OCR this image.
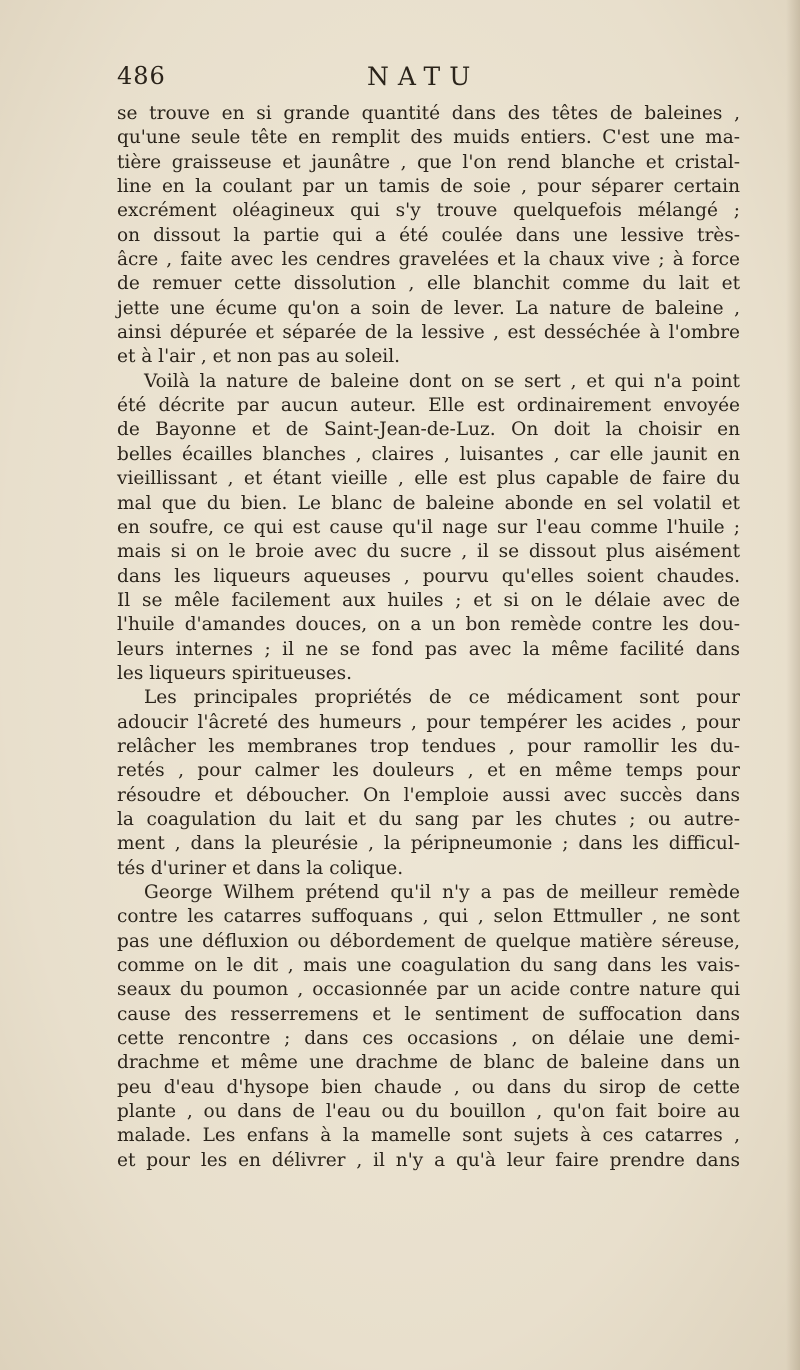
486	NATU
se trouve en si grande quantité dans des têtes de baleines ,
qu'une seule tête en remplit des muids entiers. C'est une ma-
tière graisseuse et jaunâtre , que l'on rend blanche et cristal-
line en la coulant par un tamis de soie , pour séparer certain
excrément oléagineux qui s'y trouve quelquefois mélangé ;
on dissout la partie qui a été coulée dans une lessive très-
âcre , faite avec les cendres gravelées et la chaux vive ; à force
de remuer cette dissolution , elle blanchit comme du lait et
jette une écume qu'on a soin de lever. La nature de baleine ,
ainsi dépurée et séparée de la lessive , est desséchée à l'ombre
et à l'air , et non pas au soleil.
Voilà la nature de baleine dont on se sert , et qui n'a point
été décrite par aucun auteur. Elle est ordinairement envoyée
de Bayonne et de Saint-Jean-de-Luz. On doit la choisir en
belles écailles blanches , claires , luisantes , car elle jaunit en
vieillissant , et étant vieille , elle est plus capable de faire du
mal que du bien. Le blanc de baleine abonde en sel volatil et
en soufre, ce qui est cause qu'il nage sur l'eau comme l'huile ;
mais si on le broie avec du sucre , il se dissout plus aisément
dans les liqueurs aqueuses , pourvu qu'elles soient chaudes.
Il se mêle facilement aux huiles ; et si on le délaie avec de
l'huile d'amandes douces, on a un bon remède contre les dou-
leurs internes ; il ne se fond pas avec la même facilité dans
les liqueurs spiritueuses.
Les principales propriétés de ce médicament sont pour
adoucir l'âcreté des humeurs , pour tempérer les acides , pour
relâcher les membranes trop tendues , pour ramollir les du-
retés , pour calmer les douleurs , et en même temps pour
résoudre et déboucher. On l'emploie aussi avec succès dans
la coagulation du lait et du sang par les chutes ; ou autre-
ment , dans la pleurésie , la péripneumonie ; dans les difficul-
tés d'uriner et dans la colique.
George Wilhem prétend qu'il n'y a pas de meilleur remède
contre les catarres suffoquans , qui , selon Ettmuller , ne sont
pas une défluxion ou débordement de quelque matière séreuse,
comme on le dit , mais une coagulation du sang dans les vais-
seaux du poumon , occasionnée par un acide contre nature qui
cause des resserremens et le sentiment de suffocation dans
cette rencontre ; dans ces occasions , on délaie une demi-
drachme et même une drachme de blanc de baleine dans un
peu d'eau d'hysope bien chaude , ou dans du sirop de cette
plante , ou dans de l'eau ou du bouillon , qu'on fait boire au
malade. Les enfans à la mamelle sont sujets à ces catarres ,
et pour les en délivrer , il n'y a qu'à leur faire prendre dans
